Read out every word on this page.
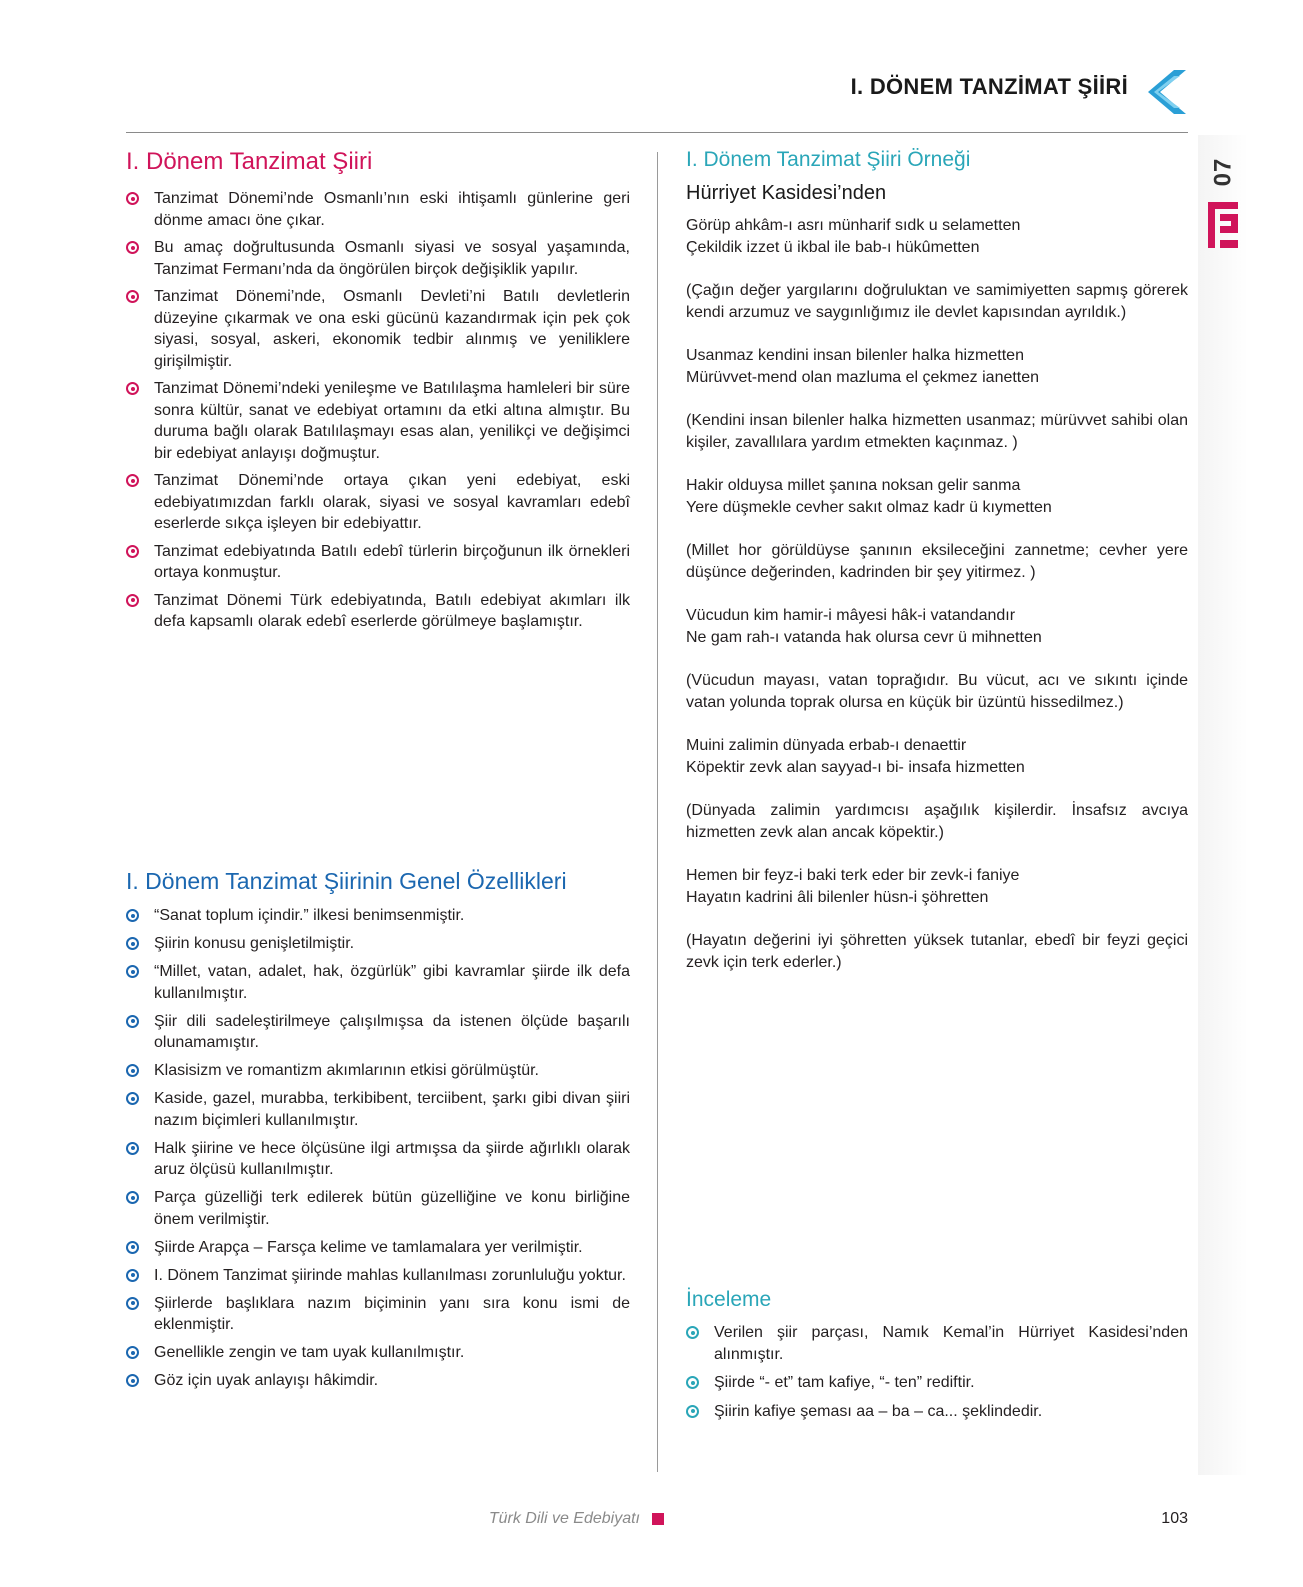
I. DÖNEM TANZİMAT ŞİİRİ
07
I. Dönem Tanzimat Şiiri
Tanzimat Dönemi’nde Osmanlı’nın eski ihtişamlı günlerine geri dönme amacı öne çıkar.
Bu amaç doğrultusunda Osmanlı siyasi ve sosyal yaşamında, Tanzimat Fermanı’nda da öngörülen birçok değişiklik yapılır.
Tanzimat Dönemi’nde, Osmanlı Devleti’ni Batılı devletlerin düzeyine çıkarmak ve ona eski gücünü kazandırmak için pek çok siyasi, sosyal, askeri, ekonomik tedbir alınmış ve yeniliklere girişilmiştir.
Tanzimat Dönemi’ndeki yenileşme ve Batılılaşma hamleleri bir süre sonra kültür, sanat ve edebiyat ortamını da etki altına almıştır. Bu duruma bağlı olarak Batılılaşmayı esas alan, yenilikçi ve değişimci bir edebiyat anlayışı doğmuştur.
Tanzimat Dönemi’nde ortaya çıkan yeni edebiyat, eski edebiyatımızdan farklı olarak, siyasi ve sosyal kavramları edebî eserlerde sıkça işleyen bir edebiyattır.
Tanzimat edebiyatında Batılı edebî türlerin birçoğunun ilk örnekleri ortaya konmuştur.
Tanzimat Dönemi Türk edebiyatında, Batılı edebiyat akımları ilk defa kapsamlı olarak edebî eserlerde görülmeye başlamıştır.
I. Dönem Tanzimat Şiirinin Genel Özellikleri
“Sanat toplum içindir.” ilkesi benimsenmiştir.
Şiirin konusu genişletilmiştir.
“Millet, vatan, adalet, hak, özgürlük” gibi kavramlar şiirde ilk defa kullanılmıştır.
Şiir dili sadeleştirilmeye çalışılmışsa da istenen ölçüde başarılı olunamamıştır.
Klasisizm ve romantizm akımlarının etkisi görülmüştür.
Kaside, gazel, murabba, terkibibent, terciibent, şarkı gibi divan şiiri nazım biçimleri kullanılmıştır.
Halk şiirine ve hece ölçüsüne ilgi artmışsa da şiirde ağırlıklı olarak aruz ölçüsü kullanılmıştır.
Parça güzelliği terk edilerek bütün güzelliğine ve konu birliğine önem verilmiştir.
Şiirde Arapça – Farsça kelime ve tamlamalara yer verilmiştir.
I. Dönem Tanzimat şiirinde mahlas kullanılması zorunluluğu yoktur.
Şiirlerde başlıklara nazım biçiminin yanı sıra konu ismi de eklenmiştir.
Genellikle zengin ve tam uyak kullanılmıştır.
Göz için uyak anlayışı hâkimdir.
I. Dönem Tanzimat Şiiri Örneği
Hürriyet Kasidesi’nden

Görüp ahkâm-ı asrı münharif sıdk u selametten
Çekildik izzet ü ikbal ile bab-ı hükûmetten

(Çağın değer yargılarını doğruluktan ve samimiyetten sapmış görerek kendi arzumuz ve saygınlığımız ile devlet kapısından ayrıldık.)

Usanmaz kendini insan bilenler halka hizmetten
Mürüvvet-mend olan mazluma el çekmez ianetten

(Kendini insan bilenler halka hizmetten usanmaz; mürüvvet sahibi olan kişiler, zavallılara yardım etmekten kaçınmaz. )

Hakir olduysa millet şanına noksan gelir sanma
Yere düşmekle cevher sakıt olmaz kadr ü kıymetten

(Millet hor görüldüyse şanının eksileceğini zannetme; cevher yere düşünce değerinden, kadrinden bir şey yitirmez. )

Vücudun kim hamir-i mâyesi hâk-i vatandandır
Ne gam rah-ı vatanda hak olursa cevr ü mihnetten

(Vücudun mayası, vatan toprağıdır. Bu vücut, acı ve sıkıntı içinde vatan yolunda toprak olursa en küçük bir üzüntü hissedilmez.)

Muini zalimin dünyada erbab-ı denaettir
Köpektir zevk alan sayyad-ı bi- insafa hizmetten

(Dünyada zalimin yardımcısı aşağılık kişilerdir. İnsafsız avcıya hizmetten zevk alan ancak köpektir.)

Hemen bir feyz-i baki terk eder bir zevk-i faniye
Hayatın kadrini âli bilenler hüsn-i şöhretten

(Hayatın değerini iyi şöhretten yüksek tutanlar, ebedî bir feyzi geçici zevk için terk ederler.)

İnceleme
Verilen şiir parçası, Namık Kemal’in Hürriyet Kasidesi’nden alınmıştır.
Şiirde “- et” tam kafiye, “- ten” rediftir.
Şiirin kafiye şeması aa – ba – ca... şeklindedir.
Türk Dili ve Edebiyatı	103
